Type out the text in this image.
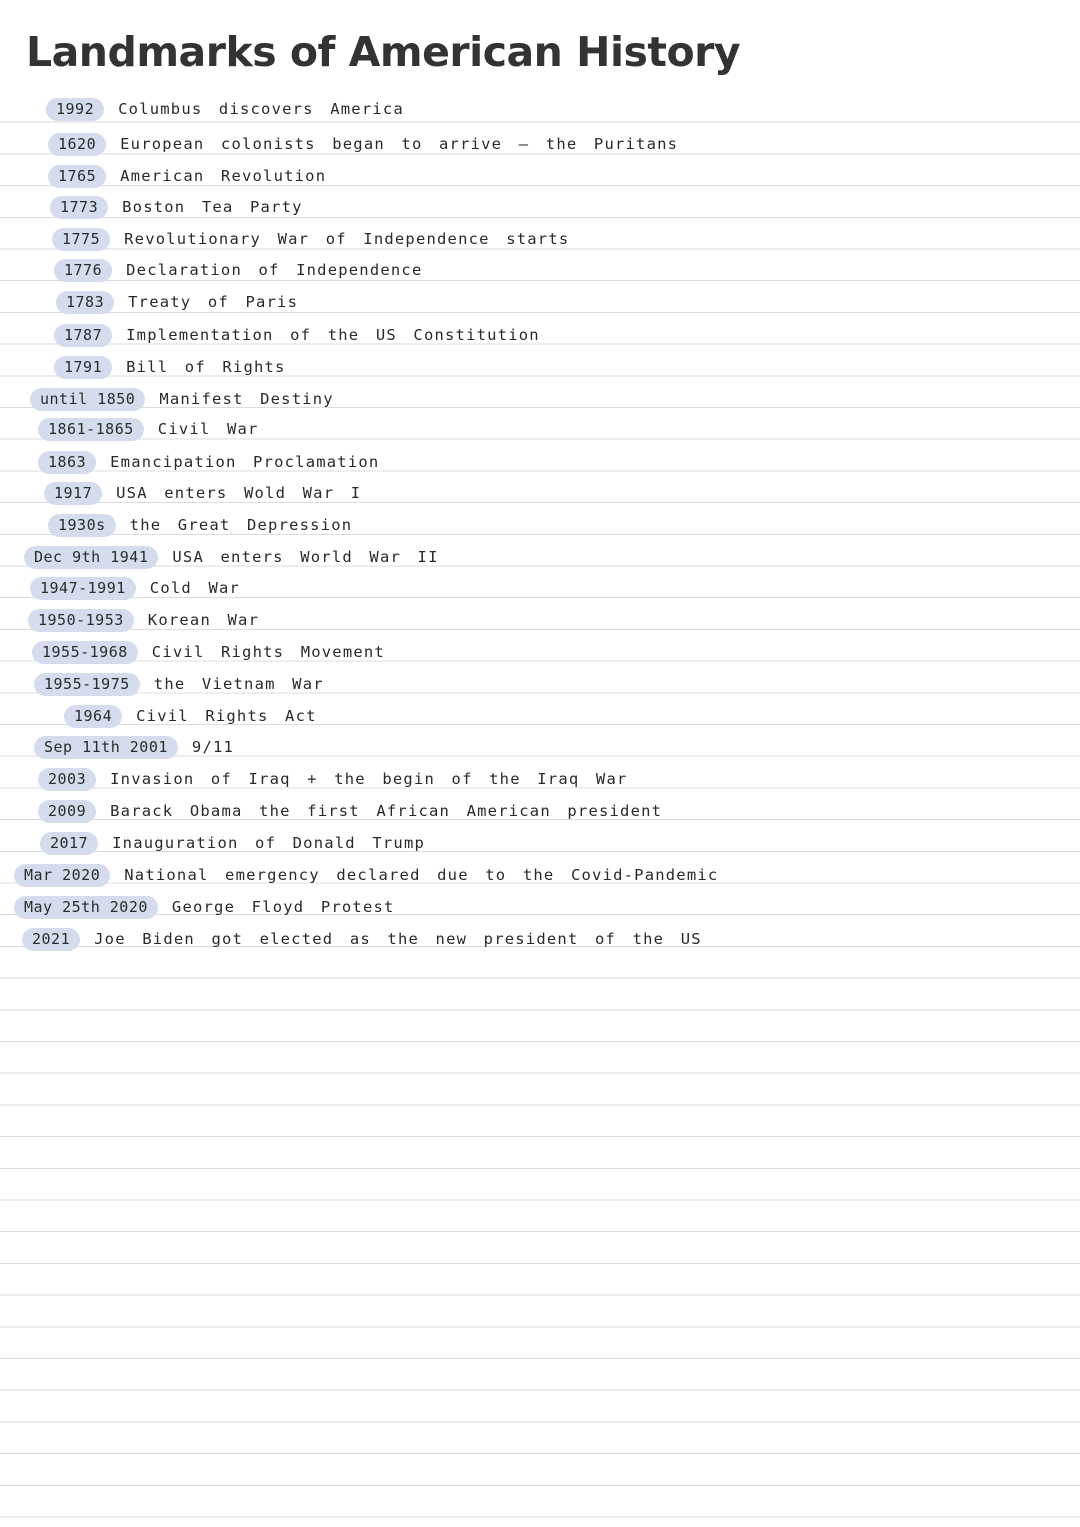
Landmarks of American History
1992	Columbus discovers America
1620	European colonists began to arrive – the Puritans
1765	American Revolution
1773	Boston Tea Party
1775	Revolutionary War of Independence starts
1776	Declaration of Independence
1783	Treaty of Paris
1787	Implementation of the US Constitution
1791	Bill of Rights
until 1850	Manifest Destiny
1861-1865	Civil War
1863	Emancipation Proclamation
1917	USA enters Wold War I
1930s	the Great Depression
Dec 9th 1941	USA enters World War II
1947-1991	Cold War
1950-1953	Korean War
1955-1968	Civil Rights Movement
1955-1975	the Vietnam War
1964	Civil Rights Act
Sep 11th 2001	9/11
2003	Invasion of Iraq + the begin of the Iraq War
2009	Barack Obama the first African American president
2017	Inauguration of Donald Trump
Mar 2020	National emergency declared due to the Covid-Pandemic
May 25th 2020	George Floyd Protest
2021	Joe Biden got elected as the new president of the US
